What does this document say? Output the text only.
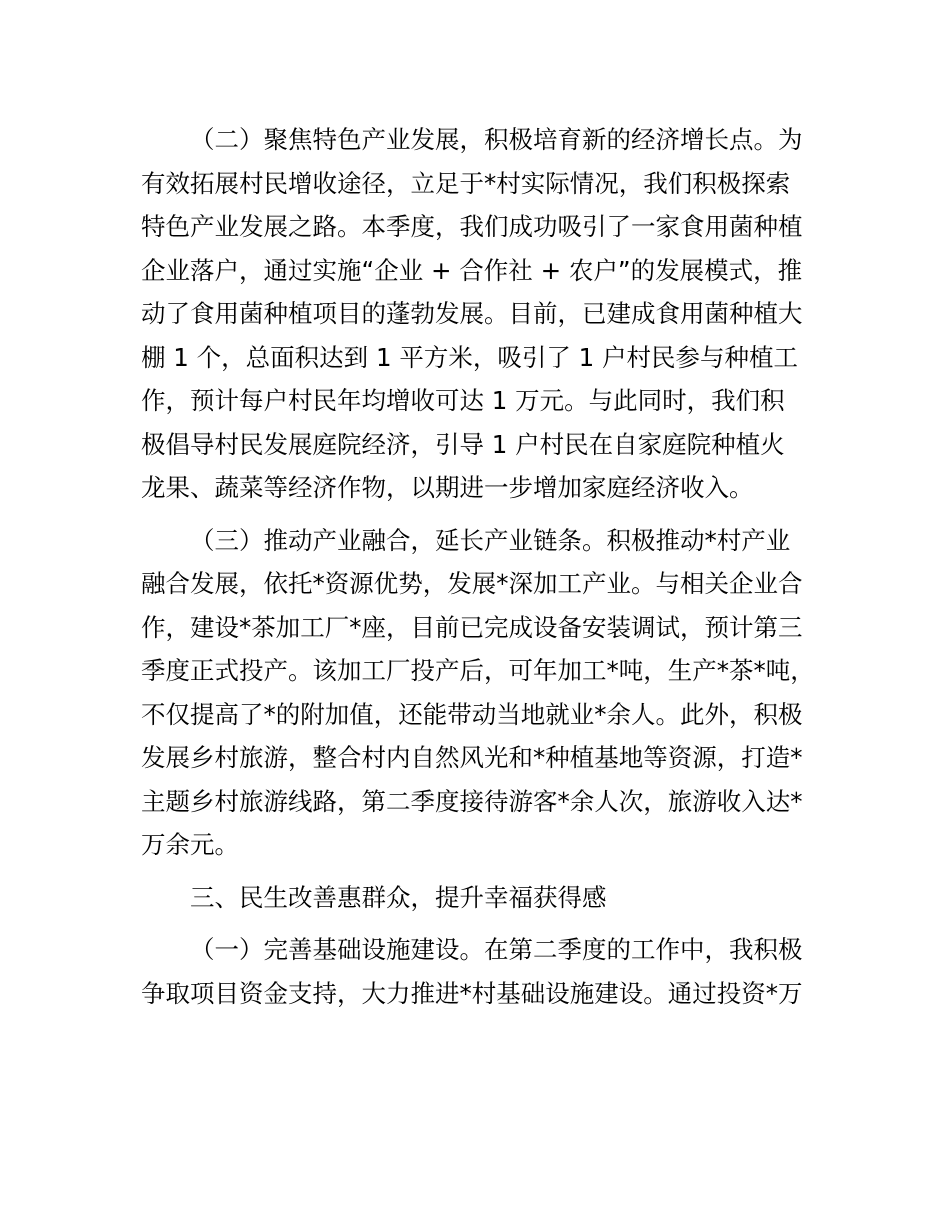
（二）聚焦特色产业发展，积极培育新的经济增长点。为
有效拓展村民增收途径，立足于*村实际情况，我们积极探索
特色产业发展之路。本季度，我们成功吸引了一家食用菌种植
企业落户，通过实施“企业 + 合作社 + 农户”的发展模式，推
动了食用菌种植项目的蓬勃发展。目前，已建成食用菌种植大
棚 1 个，总面积达到 1 平方米，吸引了 1 户村民参与种植工
作，预计每户村民年均增收可达 1 万元。与此同时，我们积
极倡导村民发展庭院经济，引导 1 户村民在自家庭院种植火
龙果、蔬菜等经济作物，以期进一步增加家庭经济收入。
（三）推动产业融合，延长产业链条。积极推动*村产业
融合发展，依托*资源优势，发展*深加工产业。与相关企业合
作，建设*茶加工厂*座，目前已完成设备安装调试，预计第三
季度正式投产。该加工厂投产后，可年加工*吨，生产*茶*吨，
不仅提高了*的附加值，还能带动当地就业*余人。此外，积极
发展乡村旅游，整合村内自然风光和*种植基地等资源，打造*
主题乡村旅游线路，第二季度接待游客*余人次，旅游收入达*
万余元。
三、民生改善惠群众，提升幸福获得感
（一）完善基础设施建设。在第二季度的工作中，我积极
争取项目资金支持，大力推进*村基础设施建设。通过投资*万
